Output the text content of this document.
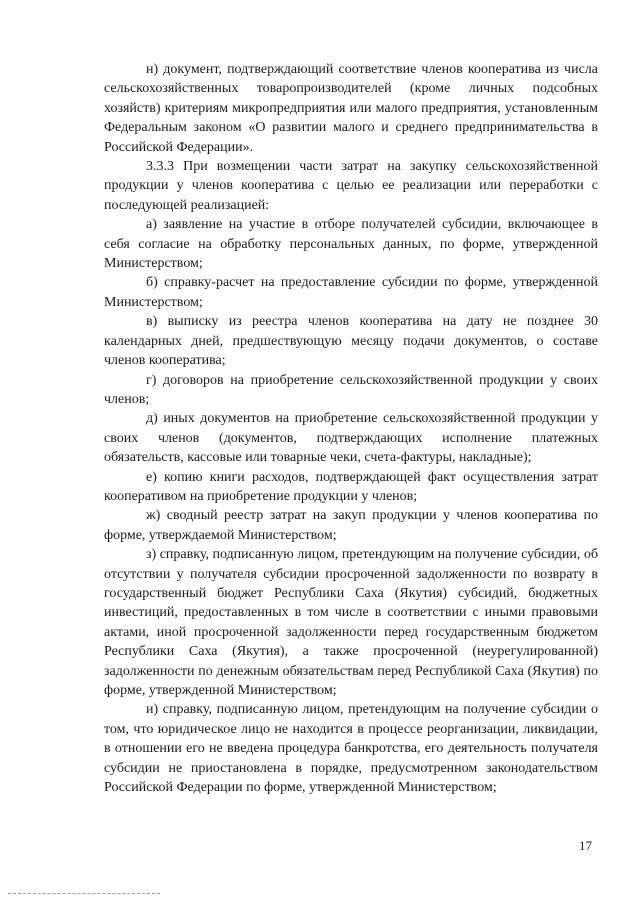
н) документ, подтверждающий соответствие членов кооператива из числа сельскохозяйственных товаропроизводителей (кроме личных подсобных хозяйств) критериям микропредприятия или малого предприятия, установленным Федеральным законом «О развитии малого и среднего предпринимательства в Российской Федерации».

3.3.3 При возмещении части затрат на закупку сельскохозяйственной продукции у членов кооператива с целью ее реализации или переработки с последующей реализацией:

а) заявление на участие в отборе получателей субсидии, включающее в себя согласие на обработку персональных данных, по форме, утвержденной Министерством;

б) справку-расчет на предоставление субсидии по форме, утвержденной Министерством;

в) выписку из реестра членов кооператива на дату не позднее 30 календарных дней, предшествующую месяцу подачи документов, о составе членов кооператива;

г) договоров на приобретение сельскохозяйственной продукции у своих членов;

д) иных документов на приобретение сельскохозяйственной продукции у своих членов (документов, подтверждающих исполнение платежных обязательств, кассовые или товарные чеки, счета-фактуры, накладные);

е) копию книги расходов, подтверждающей факт осуществления затрат кооперативом на приобретение продукции у членов;

ж) сводный реестр затрат на закуп продукции у членов кооператива по форме, утверждаемой Министерством;

з) справку, подписанную лицом, претендующим на получение субсидии, об отсутствии у получателя субсидии просроченной задолженности по возврату в государственный бюджет Республики Саха (Якутия) субсидий, бюджетных инвестиций, предоставленных в том числе в соответствии с иными правовыми актами, иной просроченной задолженности перед государственным бюджетом Республики Саха (Якутия), а также просроченной (неурегулированной) задолженности по денежным обязательствам перед Республикой Саха (Якутия) по форме, утвержденной Министерством;

и) справку, подписанную лицом, претендующим на получение субсидии о том, что юридическое лицо не находится в процессе реорганизации, ликвидации, в отношении его не введена процедура банкротства, его деятельность получателя субсидии не приостановлена в порядке, предусмотренном законодательством Российской Федерации по форме, утвержденной Министерством;

17
